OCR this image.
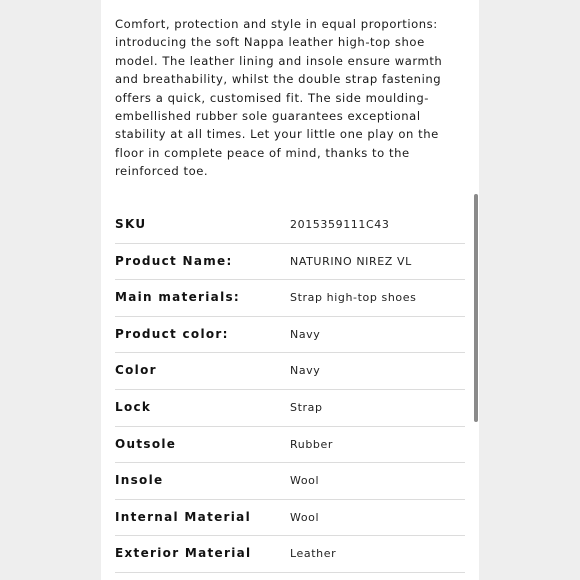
Comfort, protection and style in equal proportions: introducing the soft Nappa leather high-top shoe model. The leather lining and insole ensure warmth and breathability, whilst the double strap fastening offers a quick, customised fit. The side moulding-embellished rubber sole guarantees exceptional stability at all times. Let your little one play on the floor in complete peace of mind, thanks to the reinforced toe.

SKU	2015359111C43
Product Name:	NATURINO NIREZ VL
Main materials:	Strap high-top shoes
Product color:	Navy
Color	Navy
Lock	Strap
Outsole	Rubber
Insole	Wool
Internal Material	Wool
Exterior Material	Leather
